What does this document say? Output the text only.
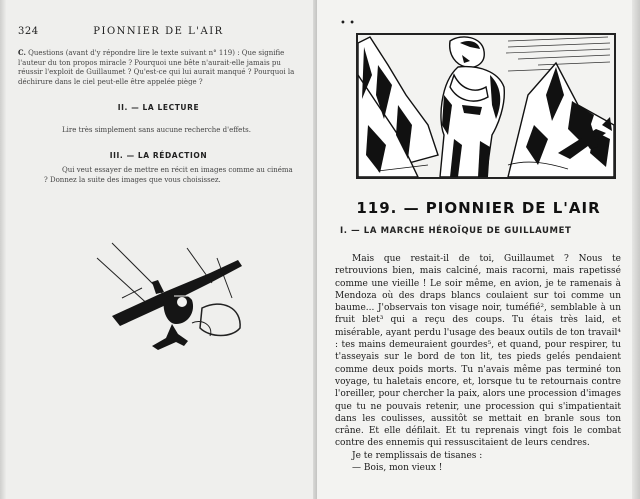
324	PIONNIER DE L'AIR
C. Questions (avant d'y répondre lire le texte suivant n° 119) : Que signifie l'auteur du ton propos miracle ? Pourquoi une bête n'aurait-elle jamais pu réussir l'exploit de Guillaumet ? Qu'est-ce qui lui aurait manqué ? Pourquoi la déchirure dans le ciel peut-elle être appelée piège ?
II. — LA LECTURE
Lire très simplement sans aucune recherche d'effets.
III. — LA RÉDACTION
Qui veut essayer de mettre en récit en images comme au cinéma ? Donnez la suite des images que vous choisissez.
• •
119. — PIONNIER DE L'AIR
I. — LA MARCHE HÉROÏQUE DE GUILLAUMET

Mais que restait-il de toi, Guillaumet ? Nous te retrouvions bien, mais calciné, mais racorni, mais rapetissé comme une vieille ! Le soir même, en avion, je te ramenais à Mendoza où des draps blancs coulaient sur toi comme un baume... J'observais ton visage noir, tuméfié², semblable à un fruit blet³ qui a reçu des coups. Tu étais très laid, et misérable, ayant perdu l'usage des beaux outils de ton travail⁴ : tes mains demeuraient gourdes⁵, et quand, pour respirer, tu t'asseyais sur le bord de ton lit, tes pieds gelés pendaient comme deux poids morts. Tu n'avais même pas terminé ton voyage, tu haletais encore, et, lorsque tu te retournais contre l'oreiller, pour chercher la paix, alors une procession d'images que tu ne pouvais retenir, une procession qui s'impatientait dans les coulisses, aussitôt se mettait en branle sous ton crâne. Et elle défilait. Et tu reprenais vingt fois le combat contre des ennemis qui ressuscitaient de leurs cendres.

Je te remplissais de tisanes :

— Bois, mon vieux !
